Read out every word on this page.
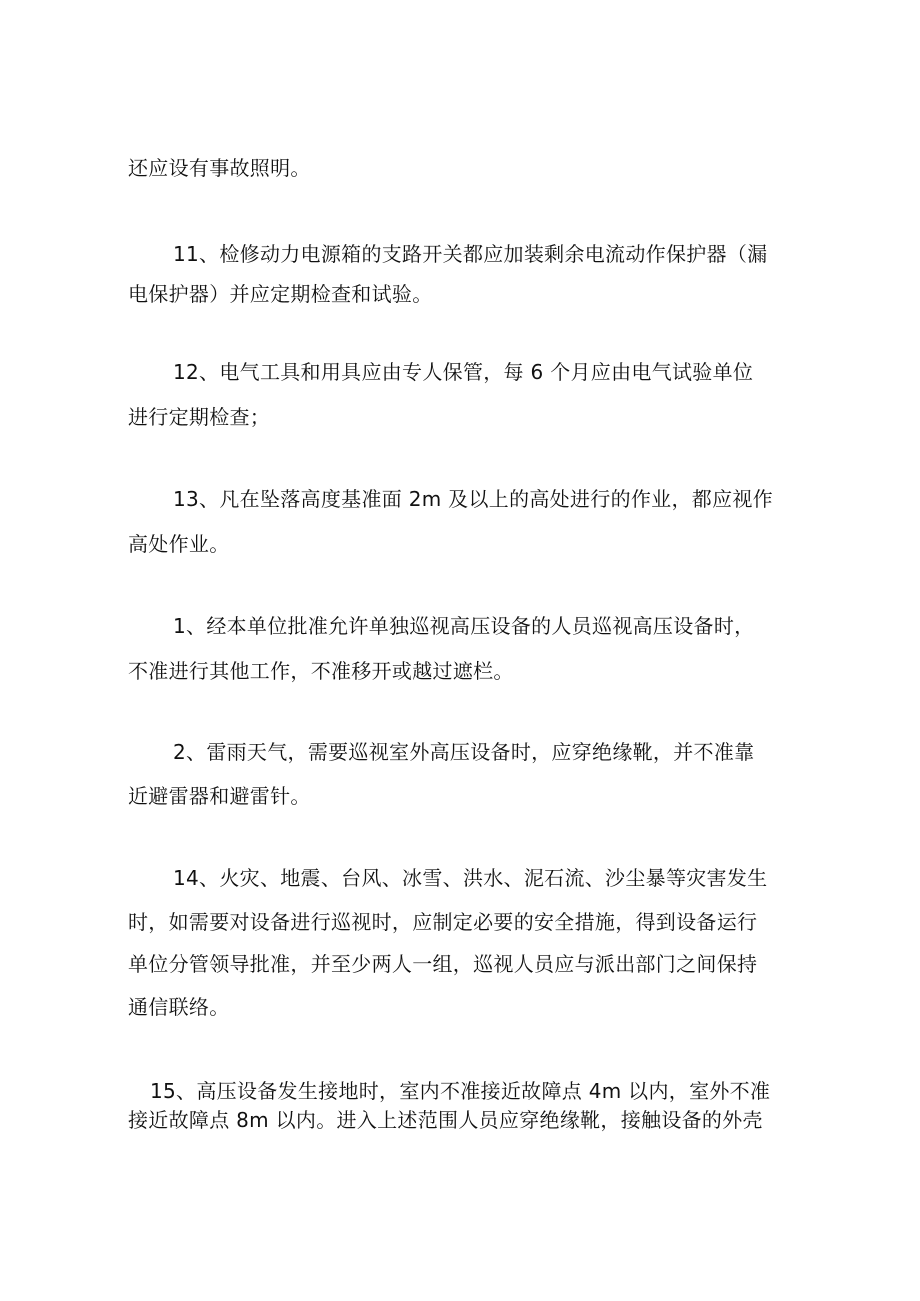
还应设有事故照明。
11、检修动力电源箱的支路开关都应加装剩余电流动作保护器（漏
电保护器）并应定期检查和试验。
12、电气工具和用具应由专人保管，每 6 个月应由电气试验单位
进行定期检查；
13、凡在坠落高度基准面 2m 及以上的高处进行的作业，都应视作
高处作业。
1、经本单位批准允许单独巡视高压设备的人员巡视高压设备时，
不准进行其他工作，不准移开或越过遮栏。
2、雷雨天气，需要巡视室外高压设备时，应穿绝缘靴，并不准靠
近避雷器和避雷针。
14、火灾、地震、台风、冰雪、洪水、泥石流、沙尘暴等灾害发生
时，如需要对设备进行巡视时，应制定必要的安全措施，得到设备运行
单位分管领导批准，并至少两人一组，巡视人员应与派出部门之间保持
通信联络。
15、高压设备发生接地时，室内不准接近故障点 4m 以内，室外不准
接近故障点 8m 以内。进入上述范围人员应穿绝缘靴，接触设备的外壳
